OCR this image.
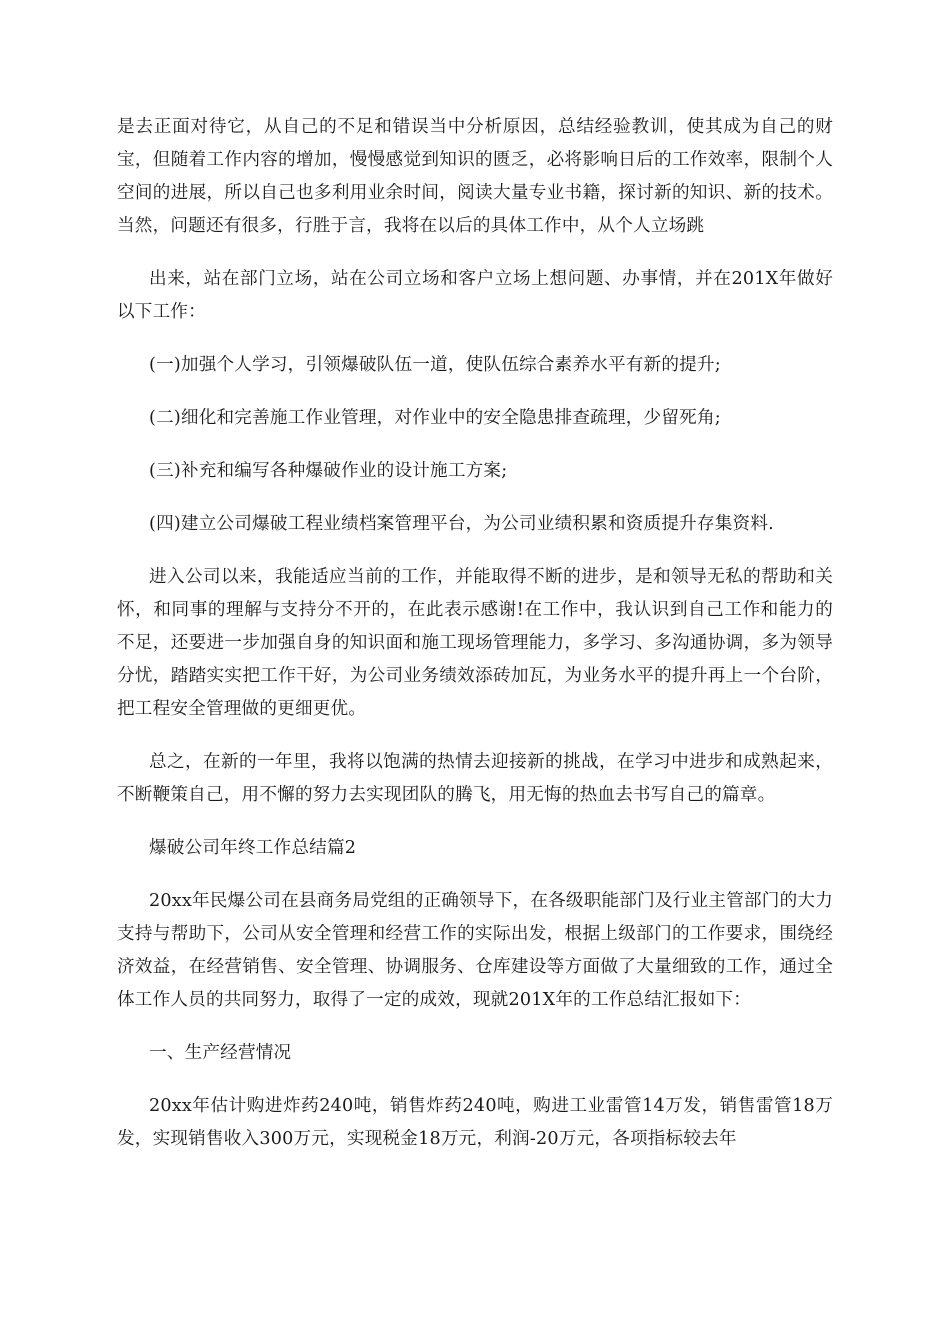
是去正面对待它，从自己的不足和错误当中分析原因，总结经验教训，使其成为自己的财宝，但随着工作内容的增加，慢慢感觉到知识的匮乏，必将影响日后的工作效率，限制个人空间的进展，所以自己也多利用业余时间，阅读大量专业书籍，探讨新的知识、新的技术。当然，问题还有很多，行胜于言，我将在以后的具体工作中，从个人立场跳

出来，站在部门立场，站在公司立场和客户立场上想问题、办事情，并在201X年做好以下工作：

(一)加强个人学习，引领爆破队伍一道，使队伍综合素养水平有新的提升;

(二)细化和完善施工作业管理，对作业中的安全隐患排查疏理，少留死角;

(三)补充和编写各种爆破作业的设计施工方案;

(四)建立公司爆破工程业绩档案管理平台，为公司业绩积累和资质提升存集资料.

进入公司以来，我能适应当前的工作，并能取得不断的进步，是和领导无私的帮助和关怀，和同事的理解与支持分不开的，在此表示感谢!在工作中，我认识到自己工作和能力的不足，还要进一步加强自身的知识面和施工现场管理能力，多学习、多沟通协调，多为领导分忧，踏踏实实把工作干好，为公司业务绩效添砖加瓦，为业务水平的提升再上一个台阶，把工程安全管理做的更细更优。

总之，在新的一年里，我将以饱满的热情去迎接新的挑战，在学习中进步和成熟起来，不断鞭策自己，用不懈的努力去实现团队的腾飞，用无悔的热血去书写自己的篇章。

爆破公司年终工作总结篇2

20xx年民爆公司在县商务局党组的正确领导下，在各级职能部门及行业主管部门的大力支持与帮助下，公司从安全管理和经营工作的实际出发，根据上级部门的工作要求，围绕经济效益，在经营销售、安全管理、协调服务、仓库建设等方面做了大量细致的工作，通过全体工作人员的共同努力，取得了一定的成效，现就201X年的工作总结汇报如下：

一、生产经营情况

20xx年估计购进炸药240吨，销售炸药240吨，购进工业雷管14万发，销售雷管18万发，实现销售收入300万元，实现税金18万元，利润-20万元，各项指标较去年
